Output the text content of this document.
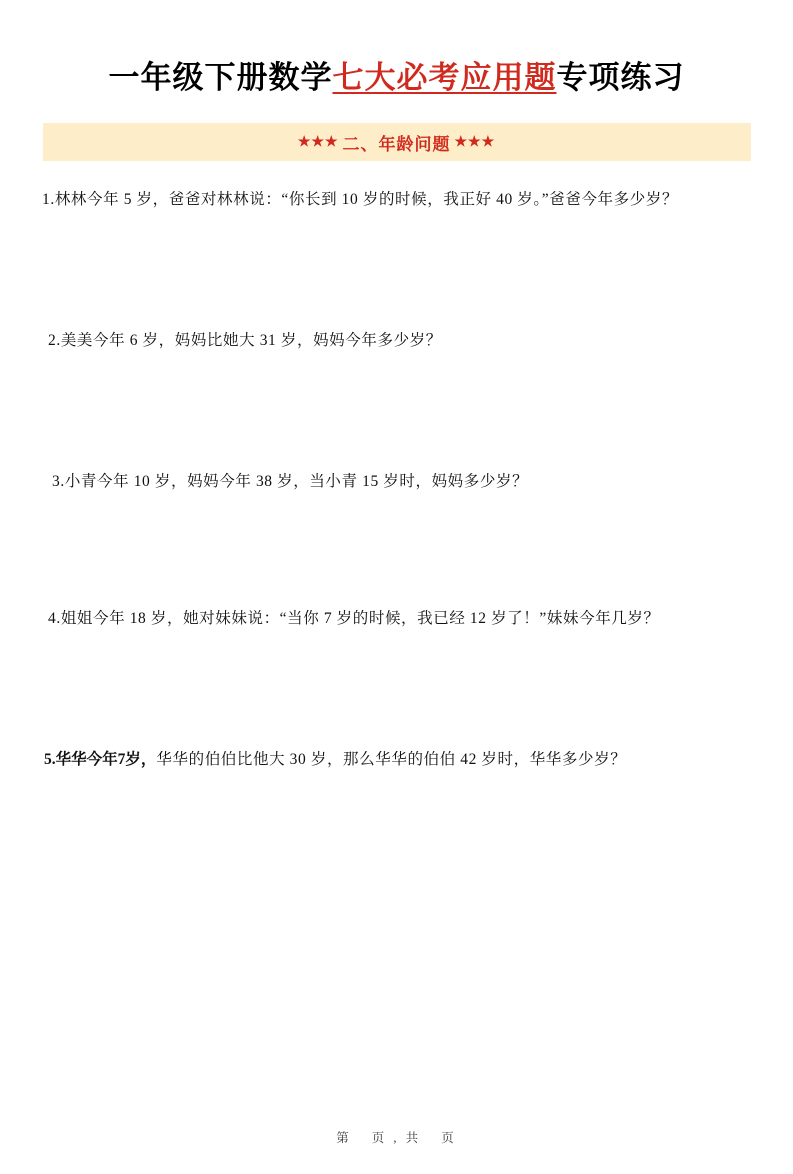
一年级下册数学七大必考应用题专项练习
★★★ 二、年龄问题 ★★★
1.林林今年 5 岁，爸爸对林林说：“你长到 10 岁的时候，我正好 40 岁。”爸爸今年多少岁？
2.美美今年 6 岁，妈妈比她大 31 岁，妈妈今年多少岁？
3.小青今年 10 岁，妈妈今年 38 岁，当小青 15 岁时，妈妈多少岁？
4.姐姐今年 18 岁，她对妹妹说：“当你 7 岁的时候，我已经 12 岁了！”妹妹今年几岁？
5.华华今年7岁，华华的伯伯比他大 30 岁，那么华华的伯伯 42 岁时，华华多少岁？
第 页 , 共 页
